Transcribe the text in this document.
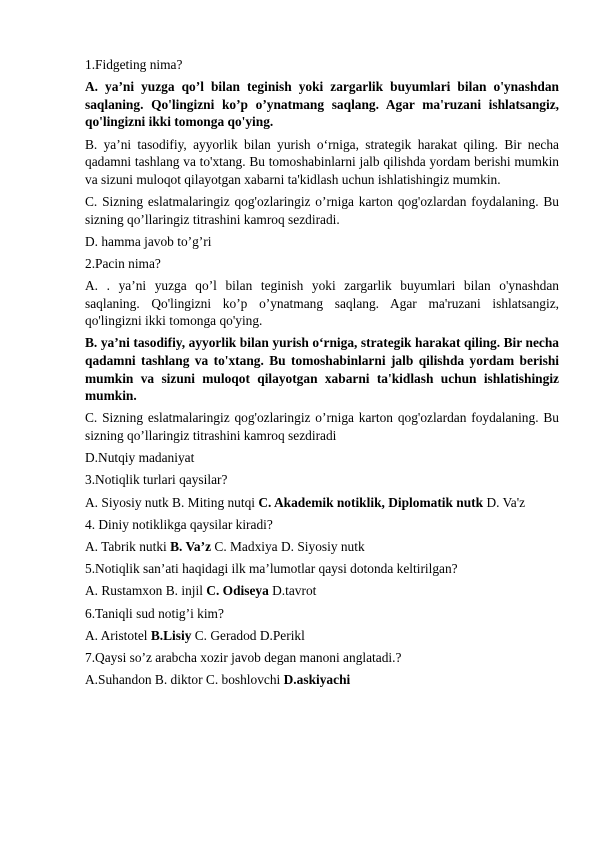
1.Fidgeting nima?

A. ya’ni yuzga qo’l bilan teginish yoki zargarlik buyumlari bilan o'ynashdan saqlaning. Qo'lingizni ko’p o’ynatmang saqlang. Agar ma'ruzani ishlatsangiz, qo'lingizni ikki tomonga qo'ying.

B. ya’ni tasodifiy, ayyorlik bilan yurish o‘rniga, strategik harakat qiling. Bir necha qadamni tashlang va to'xtang. Bu tomoshabinlarni jalb qilishda yordam berishi mumkin va sizuni muloqot qilayotgan xabarni ta'kidlash uchun ishlatishingiz mumkin.

C. Sizning eslatmalaringiz qog'ozlaringiz o’rniga karton qog'ozlardan foydalaning. Bu sizning qo’llaringiz titrashini kamroq sezdiradi.

D. hamma javob to’g’ri

2.Pacin nima?

A. . ya’ni yuzga qo’l bilan teginish yoki zargarlik buyumlari bilan o'ynashdan saqlaning. Qo'lingizni ko’p o’ynatmang saqlang. Agar ma'ruzani ishlatsangiz, qo'lingizni ikki tomonga qo'ying.

B. ya’ni tasodifiy, ayyorlik bilan yurish o‘rniga, strategik harakat qiling. Bir necha qadamni tashlang va to'xtang. Bu tomoshabinlarni jalb qilishda yordam berishi mumkin va sizuni muloqot qilayotgan xabarni ta'kidlash uchun ishlatishingiz mumkin.

C. Sizning eslatmalaringiz qog'ozlaringiz o’rniga karton qog'ozlardan foydalaning. Bu sizning qo’llaringiz titrashini kamroq sezdiradi

D.Nutqiy madaniyat

3.Notiqlik turlari qaysilar?

A. Siyosiy nutk B. Miting nutqi C. Akademik notiklik, Diplomatik nutk D. Va'z

4. Diniy notiklikga qaysilar kiradi?

A. Tabrik nutki B. Va’z C. Madxiya D. Siyosiy nutk

5.Notiqlik san’ati haqidagi ilk ma’lumotlar qaysi dotonda keltirilgan?

A. Rustamxon B. injil C. Odiseya D.tavrot

6.Taniqli sud notig’i kim?

A. Aristotel B.Lisiy C. Geradod D.Perikl

7.Qaysi so’z arabcha xozir javob degan manoni anglatadi.?

A.Suhandon B. diktor C. boshlovchi D.askiyachi
